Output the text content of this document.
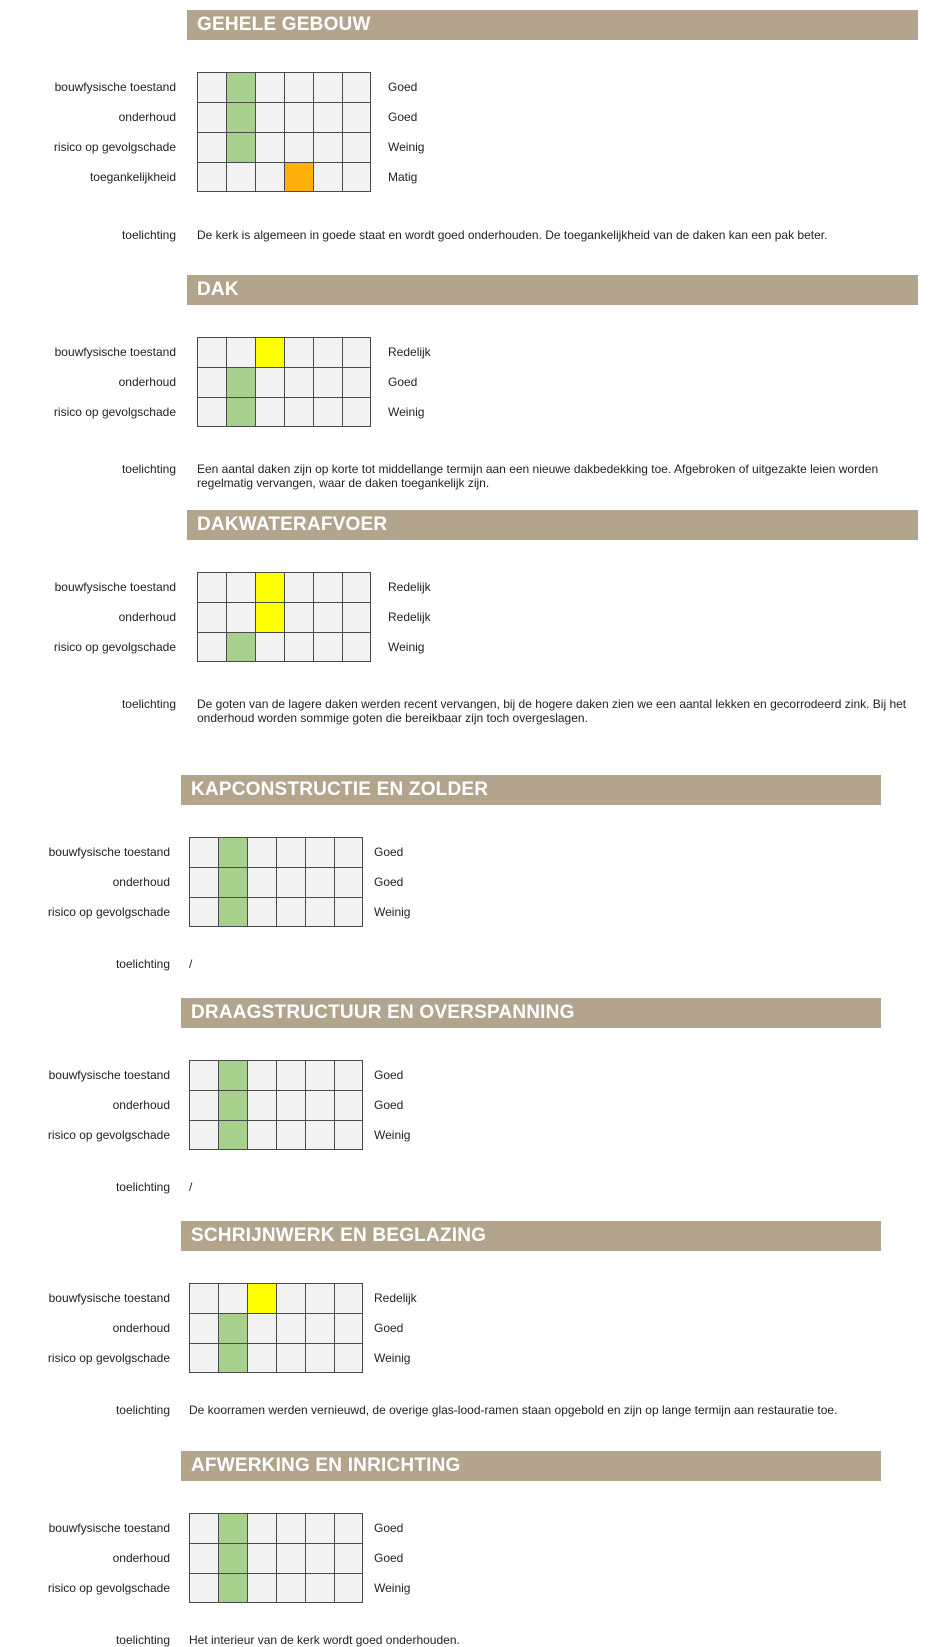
GEHELE GEBOUW
bouwfysische toestand	Goed
onderhoud	Goed
risico op gevolgschade	Weinig
toegankelijkheid	Matig
toelichting De kerk is algemeen in goede staat en wordt goed onderhouden. De toegankelijkheid van de daken kan een pak beter.
DAK
bouwfysische toestand	Redelijk
onderhoud	Goed
risico op gevolgschade	Weinig
toelichting Een aantal daken zijn op korte tot middellange termijn aan een nieuwe dakbedekking toe. Afgebroken of uitgezakte leien worden regelmatig vervangen, waar de daken toegankelijk zijn.
DAKWATERAFVOER
bouwfysische toestand	Redelijk
onderhoud	Redelijk
risico op gevolgschade	Weinig
toelichting De goten van de lagere daken werden recent vervangen, bij de hogere daken zien we een aantal lekken en gecorrodeerd zink. Bij het onderhoud worden sommige goten die bereikbaar zijn toch overgeslagen.
KAPCONSTRUCTIE EN ZOLDER
bouwfysische toestand	Goed
onderhoud	Goed
risico op gevolgschade	Weinig
toelichting /
DRAAGSTRUCTUUR EN OVERSPANNING
bouwfysische toestand	Goed
onderhoud	Goed
risico op gevolgschade	Weinig
toelichting /
SCHRIJNWERK EN BEGLAZING
bouwfysische toestand	Redelijk
onderhoud	Goed
risico op gevolgschade	Weinig
toelichting De koorramen werden vernieuwd, de overige glas-lood-ramen staan opgebold en zijn op lange termijn aan restauratie toe.
AFWERKING EN INRICHTING
bouwfysische toestand	Goed
onderhoud	Goed
risico op gevolgschade	Weinig
toelichting Het interieur van de kerk wordt goed onderhouden.
